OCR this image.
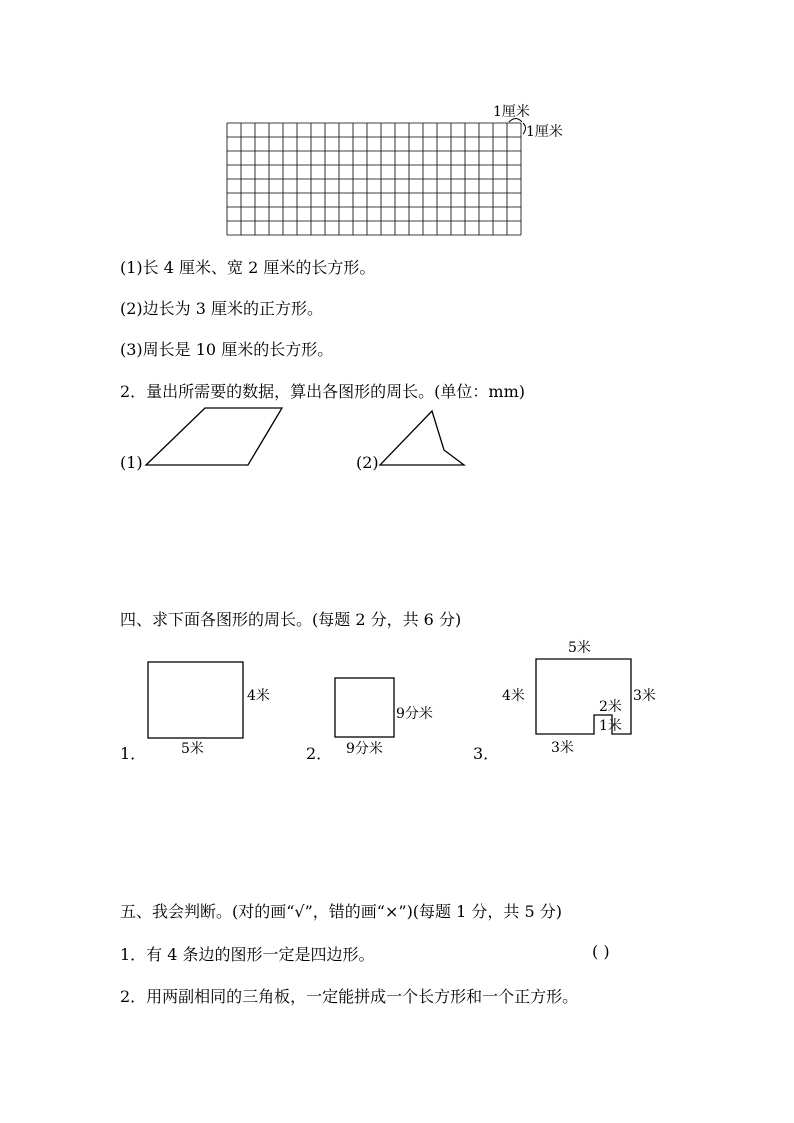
1厘米
1厘米
(1)长 4 厘米、宽 2 厘米的长方形。
(2)边长为 3 厘米的正方形。
(3)周长是 10 厘米的长方形。
2．量出所需要的数据，算出各图形的周长。(单位：mm)
(1)	(2)
四、求下面各图形的周长。(每题 2 分，共 6 分)
1． 5米
4米
2． 9分米
9分米
3．
5米
4米	3米
2米
1米
3米
五、我会判断。(对的画“√”，错的画“×”)(每题 1 分，共 5 分)
1．有 4 条边的图形一定是四边形。	( )
2．用两副相同的三角板，一定能拼成一个长方形和一个正方形。
